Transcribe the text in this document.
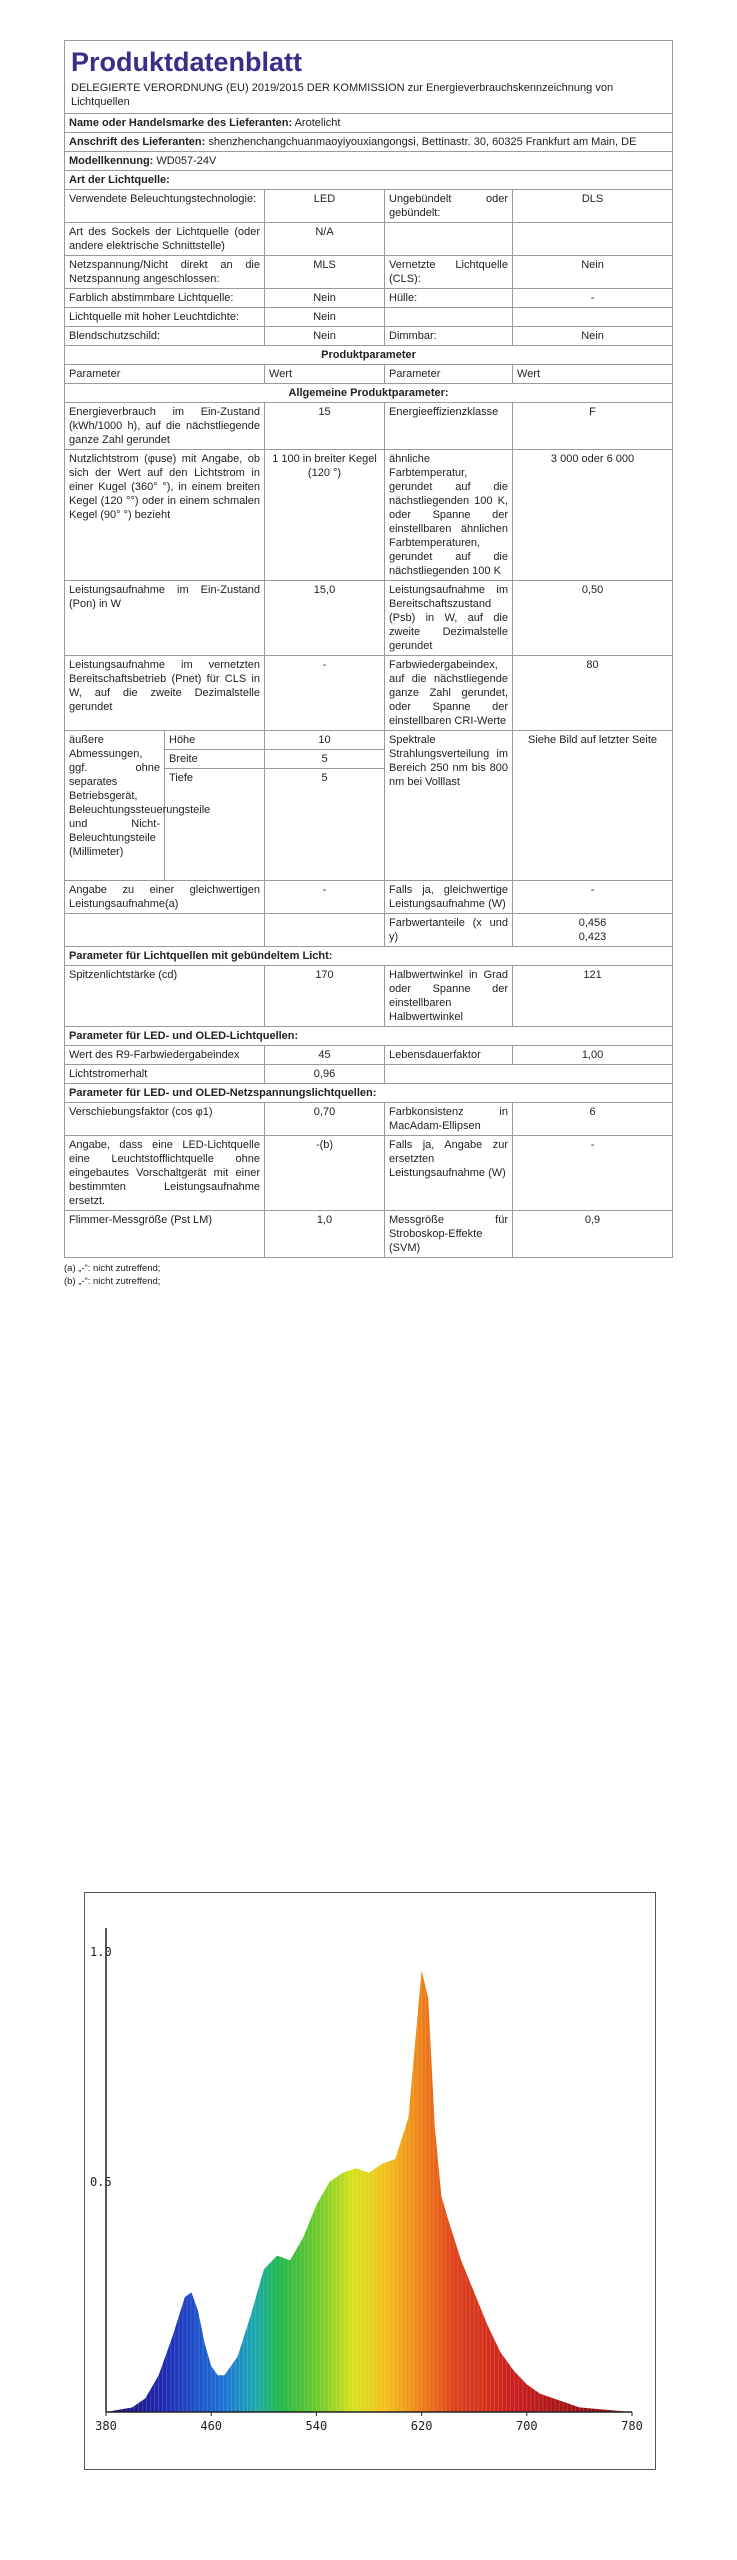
Produktdatenblatt
DELEGIERTE VERORDNUNG (EU) 2019/2015 DER KOMMISSION zur Energieverbrauchskennzeichnung von Lichtquellen				

Name oder Handelsmarke des Lieferanten: Arotelicht				
Anschrift des Lieferanten: shenzhenchangchuanmaoyiyouxiangongsi, Bettinastr. 30, 60325 Frankfurt am Main, DE				
Modellkennung: WD057-24V				
Art der Lichtquelle:				
Verwendete Beleuchtungstechnologie:		LED	Ungebündelt oder gebündelt:	DLS
Art des Sockels der Lichtquelle (oder andere elektrische Schnittstelle)		N/A		
Netzspannung/Nicht direkt an die Netzspannung angeschlossen:		MLS	Vernetzte Lichtquelle (CLS):	Nein
Farblich abstimmbare Lichtquelle:		Nein	Hülle:	-
Lichtquelle mit hoher Leuchtdichte:		Nein		
Blendschutzschild:		Nein	Dimmbar:	Nein
Produktparameter				
Parameter		Wert	Parameter	Wert
Allgemeine Produktparameter:				
Energieverbrauch im Ein-Zustand (kWh/1000 h), auf die nächstliegende ganze Zahl gerundet		15	Energieeffizienzklasse	F
Nutzlichtstrom (φuse) mit Angabe, ob sich der Wert auf den Lichtstrom in einer Kugel (360° °), in einem breiten Kegel (120 °°) oder in einem schmalen Kegel (90° °) bezieht		1 100 in breiter Kegel (120 °)	ähnliche Farbtemperatur, gerundet auf die nächstliegenden 100 K, oder Spanne der einstellbaren ähnlichen Farbtemperaturen, gerundet auf die nächstliegenden 100 K	3 000 oder 6 000
Leistungsaufnahme im Ein-Zustand (Pon) in W		15,0	Leistungsaufnahme im Bereitschaftszustand (Psb) in W, auf die zweite Dezimalstelle gerundet	0,50
Leistungsaufnahme im vernetzten Bereitschaftsbetrieb (Pnet) für CLS in W, auf die zweite Dezimalstelle gerundet		-	Farbwiedergabeindex, auf die nächstliegende ganze Zahl gerundet, oder Spanne der einstellbaren CRI-Werte	80
äußere Abmessungen, ggf. ohne separates Betriebsgerät, Beleuchtungssteuerungsteile und Nicht-Beleuchtungsteile (Millimeter)	Höhe	10	Spektrale Strahlungsverteilung im Bereich 250 nm bis 800 nm bei Volllast	Siehe Bild auf letzter Seite
	Breite	5		
	Tiefe	5		
Angabe zu einer gleichwertigen Leistungsaufnahme(a)		-	Falls ja, gleichwertige Leistungsaufnahme (W)	-
			Farbwertanteile (x und y)	0,456
0,423
Parameter für Lichtquellen mit gebündeltem Licht:				
Spitzenlichtstärke (cd)		170	Halbwertwinkel in Grad oder Spanne der einstellbaren Halbwertwinkel	121
Parameter für LED- und OLED-Lichtquellen:				
Wert des R9-Farbwiedergabeindex		45	Lebensdauerfaktor	1,00
Lichtstromerhalt		0,96		
Parameter für LED- und OLED-Netzspannungslichtquellen:				
Verschiebungsfaktor (cos φ1)		0,70	Farbkonsistenz in MacAdam-Ellipsen	6
Angabe, dass eine LED-Lichtquelle eine Leuchtstofflichtquelle ohne eingebautes Vorschaltgerät mit einer bestimmten Leistungsaufnahme ersetzt.		-(b)	Falls ja, Angabe zur ersetzten Leistungsaufnahme (W)	-
Flimmer-Messgröße (Pst LM)		1,0	Messgröße für Stroboskop-Effekte (SVM)	0,9
(a) „-“: nicht zutreffend;
(b) „-“: nicht zutreffend;
380	460	540	620	700	780
0.5
1.0
